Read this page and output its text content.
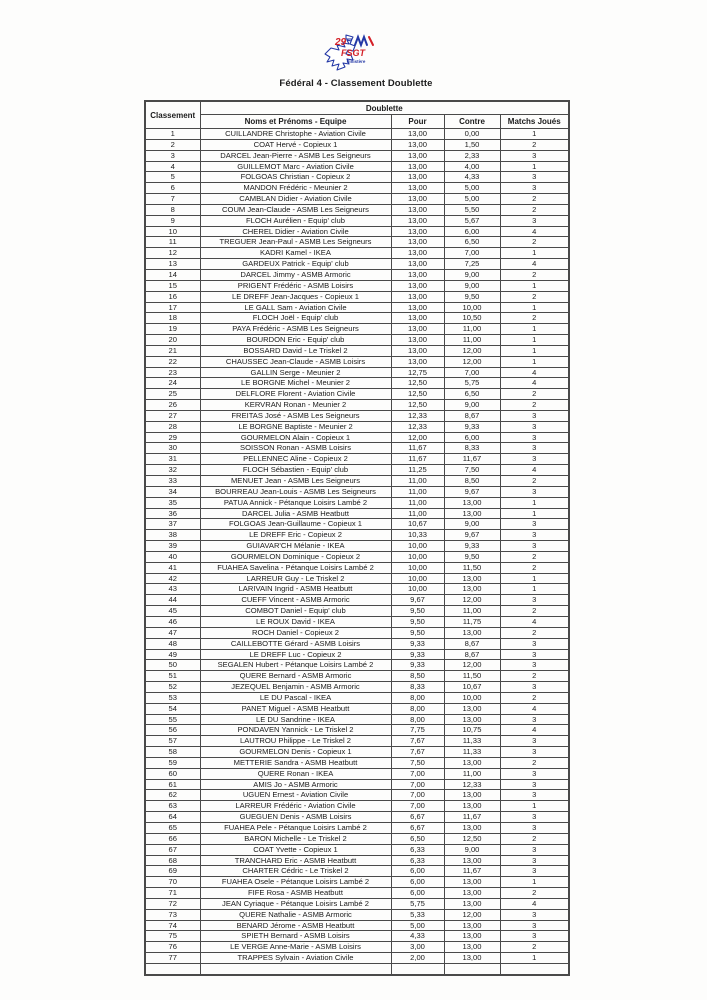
29
FSGT
Finistère
Fédéral 4 - Classement Doublette
Classement	Doublette			
	Noms et Prénoms - Equipe	Pour	Contre	Matchs Joués
1	CUILLANDRE Christophe - Aviation Civile	13,00	0,00	1
2	COAT Hervé - Copieux 1	13,00	1,50	2
3	DARCEL Jean-Pierre - ASMB Les Seigneurs	13,00	2,33	3
4	GUILLEMOT Marc - Aviation Civile	13,00	4,00	1
5	FOLGOAS Christian - Copieux 2	13,00	4,33	3
6	MANDON Frédéric - Meunier 2	13,00	5,00	3
7	CAMBLAN Didier - Aviation Civile	13,00	5,00	2
8	COUM Jean-Claude - ASMB Les Seigneurs	13,00	5,50	2
9	FLOCH Aurélien - Equip' club	13,00	5,67	3
10	CHEREL Didier - Aviation Civile	13,00	6,00	4
11	TREGUER Jean-Paul - ASMB Les Seigneurs	13,00	6,50	2
12	KADRI Kamel - IKEA	13,00	7,00	1
13	GARDEUX Patrick - Equip' club	13,00	7,25	4
14	DARCEL Jimmy - ASMB Armoric	13,00	9,00	2
15	PRIGENT Frédéric - ASMB Loisirs	13,00	9,00	1
16	LE DREFF Jean-Jacques - Copieux 1	13,00	9,50	2
17	LE GALL Sam - Aviation Civile	13,00	10,00	1
18	FLOCH Joël - Equip' club	13,00	10,50	2
19	PAYA Frédéric - ASMB Les Seigneurs	13,00	11,00	1
20	BOURDON Eric - Equip' club	13,00	11,00	1
21	BOSSARD David - Le Triskel 2	13,00	12,00	1
22	CHAUSSEC Jean-Claude - ASMB Loisirs	13,00	12,00	1
23	GALLIN Serge - Meunier 2	12,75	7,00	4
24	LE BORGNE Michel - Meunier 2	12,50	5,75	4
25	DELFLORE Florent - Aviation Civile	12,50	6,50	2
26	KERVRAN Ronan - Meunier 2	12,50	9,00	2
27	FREITAS José - ASMB Les Seigneurs	12,33	8,67	3
28	LE BORGNE Baptiste - Meunier 2	12,33	9,33	3
29	GOURMELON Alain - Copieux 1	12,00	6,00	3
30	SOISSON Ronan - ASMB Loisirs	11,67	8,33	3
31	PELLENNEC Aline - Copieux 2	11,67	11,67	3
32	FLOCH Sébastien - Equip' club	11,25	7,50	4
33	MENUET Jean - ASMB Les Seigneurs	11,00	8,50	2
34	BOURREAU Jean-Louis - ASMB Les Seigneurs	11,00	9,67	3
35	PATUA Annick - Pétanque Loisirs Lambé 2	11,00	13,00	1
36	DARCEL Julia - ASMB Heatbutt	11,00	13,00	1
37	FOLGOAS Jean-Guillaume - Copieux 1	10,67	9,00	3
38	LE DREFF Eric - Copieux 2	10,33	9,67	3
39	GUIAVAR'CH Mélanie - IKEA	10,00	9,33	3
40	GOURMELON Dominique - Copieux 2	10,00	9,50	2
41	FUAHEA Savelina - Pétanque Loisirs Lambé 2	10,00	11,50	2
42	LARREUR Guy - Le Triskel 2	10,00	13,00	1
43	LARIVAIN Ingrid - ASMB Heatbutt	10,00	13,00	1
44	CUEFF Vincent - ASMB Armoric	9,67	12,00	3
45	COMBOT Daniel - Equip' club	9,50	11,00	2
46	LE ROUX David - IKEA	9,50	11,75	4
47	ROCH Daniel - Copieux 2	9,50	13,00	2
48	CAILLEBOTTE Gérard - ASMB Loisirs	9,33	8,67	3
49	LE DREFF Luc - Copieux 2	9,33	8,67	3
50	SEGALEN Hubert - Pétanque Loisirs Lambé 2	9,33	12,00	3
51	QUERE Bernard - ASMB Armoric	8,50	11,50	2
52	JEZEQUEL Benjamin - ASMB Armoric	8,33	10,67	3
53	LE DU Pascal - IKEA	8,00	10,00	2
54	PANET Miguel - ASMB Heatbutt	8,00	13,00	4
55	LE DU Sandrine - IKEA	8,00	13,00	3
56	PONDAVEN Yannick - Le Triskel 2	7,75	10,75	4
57	LAUTROU Philippe - Le Triskel 2	7,67	11,33	3
58	GOURMELON Denis - Copieux 1	7,67	11,33	3
59	METTERIE Sandra - ASMB Heatbutt	7,50	13,00	2
60	QUERE Ronan - IKEA	7,00	11,00	3
61	AMIS Jo - ASMB Armoric	7,00	12,33	3
62	UGUEN Ernest - Aviation Civile	7,00	13,00	3
63	LARREUR Frédéric - Aviation Civile	7,00	13,00	1
64	GUEGUEN Denis - ASMB Loisirs	6,67	11,67	3
65	FUAHEA Pele - Pétanque Loisirs Lambé 2	6,67	13,00	3
66	BARON Michelle - Le Triskel 2	6,50	12,50	2
67	COAT Yvette - Copieux 1	6,33	9,00	3
68	TRANCHARD Eric - ASMB Heatbutt	6,33	13,00	3
69	CHARTER Cédric - Le Triskel 2	6,00	11,67	3
70	FUAHEA Osele - Pétanque Loisirs Lambé 2	6,00	13,00	1
71	FIFE Rosa - ASMB Heatbutt	6,00	13,00	2
72	JEAN Cyriaque - Pétanque Loisirs Lambé 2	5,75	13,00	4
73	QUERE Nathalie - ASMB Armoric	5,33	12,00	3
74	BENARD Jérome - ASMB Heatbutt	5,00	13,00	3
75	SPIETH Bernard - ASMB Loisirs	4,33	13,00	3
76	LE VERGE Anne-Marie - ASMB Loisirs	3,00	13,00	2
77	TRAPPES Sylvain - Aviation Civile	2,00	13,00	1
